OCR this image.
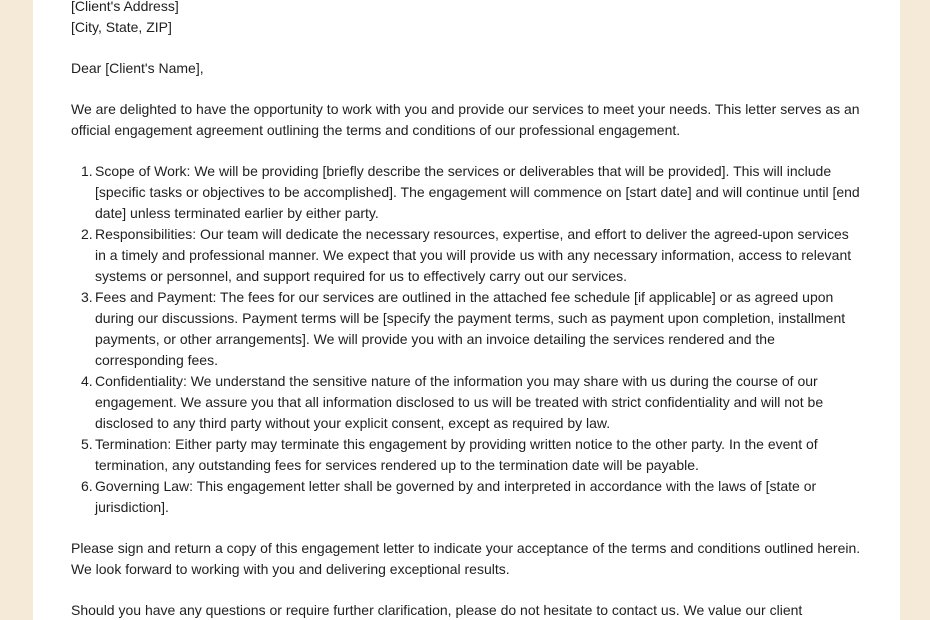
[Client's Address]

[City, State, ZIP]

Dear [Client's Name],

We are delighted to have the opportunity to work with you and provide our services to meet your needs. This letter serves as an official engagement agreement outlining the terms and conditions of our professional engagement.

1. Scope of Work: We will be providing [briefly describe the services or deliverables that will be provided]. This will include [specific tasks or objectives to be accomplished]. The engagement will commence on [start date] and will continue until [end date] unless terminated earlier by either party.
2. Responsibilities: Our team will dedicate the necessary resources, expertise, and effort to deliver the agreed-upon services in a timely and professional manner. We expect that you will provide us with any necessary information, access to relevant systems or personnel, and support required for us to effectively carry out our services.
3. Fees and Payment: The fees for our services are outlined in the attached fee schedule [if applicable] or as agreed upon during our discussions. Payment terms will be [specify the payment terms, such as payment upon completion, installment payments, or other arrangements]. We will provide you with an invoice detailing the services rendered and the corresponding fees.
4. Confidentiality: We understand the sensitive nature of the information you may share with us during the course of our engagement. We assure you that all information disclosed to us will be treated with strict confidentiality and will not be disclosed to any third party without your explicit consent, except as required by law.
5. Termination: Either party may terminate this engagement by providing written notice to the other party. In the event of termination, any outstanding fees for services rendered up to the termination date will be payable.
6. Governing Law: This engagement letter shall be governed by and interpreted in accordance with the laws of [state or jurisdiction].

Please sign and return a copy of this engagement letter to indicate your acceptance of the terms and conditions outlined herein. We look forward to working with you and delivering exceptional results.

Should you have any questions or require further clarification, please do not hesitate to contact us. We value our client
